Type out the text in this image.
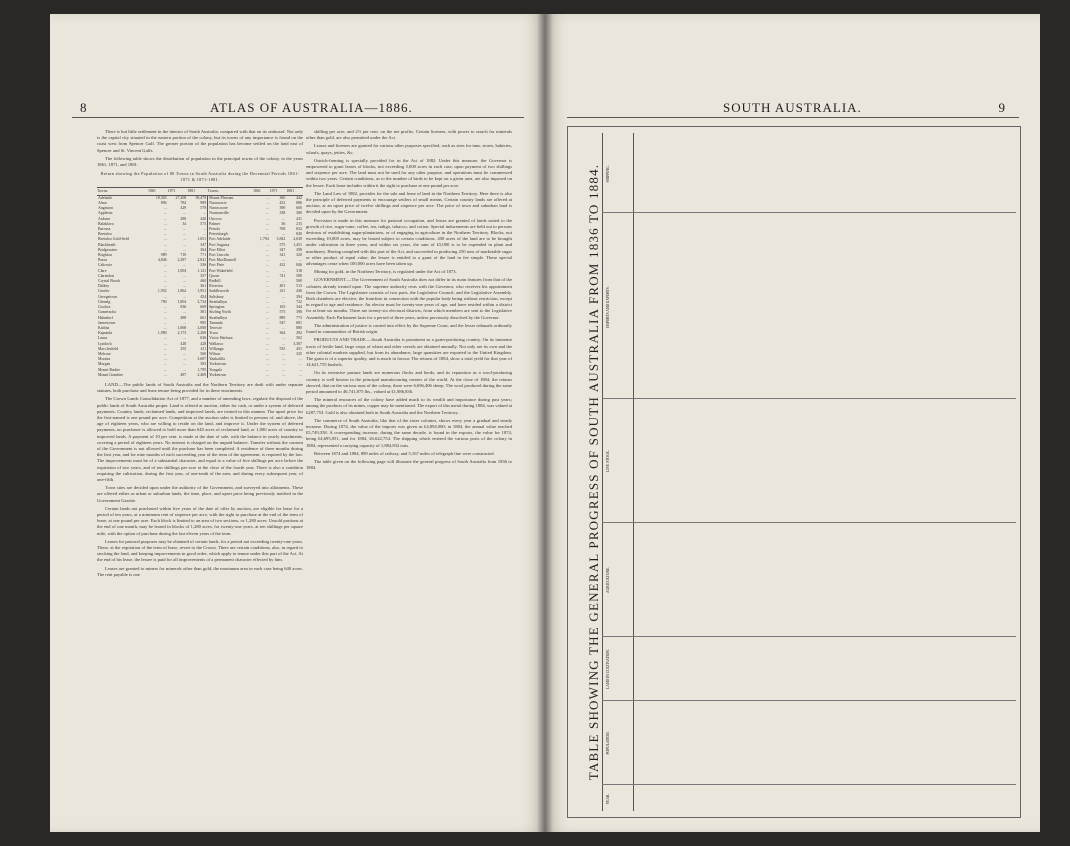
8	ATLAS OF AUSTRALIA—1886.

There is but little settlement in the interior of South Australia, compared with that on its seaboard. Not only is the capital city situated in the eastern portion of the colony, but its towns of any importance is found on the coast west from Spencer Gulf. The greater portion of the population has become settled on the land east of Spencer and St. Vincent Gulfs.

The following table shows the distribution of population in the principal towns of the colony, in the years 1861, 1871, and 1881.

Return showing the Population of 80 Towns in South Australia during the Decennial Periods 1861-1871 & 1871-1881.
Towns.	1861	1871	1881	Towns.	1861	1871	1881
Adelaide	18,303	27,208	38,479	Mount Pleasant	...	360	442
Alma	896	784	989	Naracoorte	...	452	886
Angaston	...	429	578	Narracoorte	...	390	600
Appleton	...	...	...	Normanville	...	338	380
Auburn	...	280	420	Orroroo	...	...	431
Balaklava	...	34	573	Palmer	...	36	215
Barossa	...	...	...	Penola	...	768	652
Beetaloo	...	...	...	Petersburgh	...	...	840
Beetaloo Gold-field	...	...	1,651	Port Adelaide	1,794	3,842	2,638
Blackheath	...	...	347	Port Augusta	...	575	1,451
Bridgewater	...	...	364	Port Elliot	...	347	398
Brighton	989	710	771	Port Lincoln	...	341	320
Burra	4,846	2,287	2,841	Port MacDonnell	...	...	...
Caltowie	...	...	336	Port Pirie	...	432	846
Clare	...	1,004	1,121	Port Wakefield	...	...	318
Clarendon	...	...	357	Quorn	...	741	580
Crystal Brook	...	...	460	Redhill	...	...	500
Dalkey	...	...	361	Riverton	...	401	513
Gawler	1,952	1,862	1,951	Saddleworth	...	411	436
Georgetown	...	...	454	Salisbury	...	...	394
Glenelg	790	1,804	2,734	Strathalbyn	...	...	722
Goolwa	...	836	669	Springton	...	165	344
Gumeracha	...	...	381	Stirling North	...	575	398
Hahndorf	...	488	661	Strathalbyn	...	889	773
Jamestown	...	...	985	Tanunda	...	547	681
Kadina	...	1,868	2,008	Terowie	...	...	880
Kapunda	1,980	2,173	2,260	Truro	...	364	292
Laura	...	...	636	Victor Harbour	...	...	502
Lyndoch	...	428	428	Wallaroo	...	...	3,307
Macclesfield	...	355	411	Willunga	...	535	451
Melrose	...	...	560	Wilson	...	...	325
Moonta	...	...	3,607	Yankalilla	...	...	...
Morgan	...	...	383	Yorketown	...	...	...
Mount Barker	...	...	1,795	Yongala	...	...	...
Mount Gambier	...	487	2,469	Yorketown	...	...	...

LAND.—The public lands of South Australia and the Northern Territory are dealt with under separate statutes, both purchase and lease tenure being provided for in these enactments.

The Crown Lands Consolidation Act of 1877, and a number of amending laws, regulate the disposal of the public lands of South Australia proper. Land is offered at auction, either for cash, or under a system of deferred payments. Country lands, reclaimed lands, and improved lands, are treated in this manner. The upset price for the first-named is one pound per acre. Competition at the auction sales is limited to persons of, and above, the age of eighteen years, who are willing to reside on the land, and improve it. Under the system of deferred payments, no purchaser is allowed to hold more than 640 acres of reclaimed land, or 1,000 acres of country or improved lands. A payment of 10 per cent. is made at the date of sale, with the balance in yearly instalments, covering a period of eighteen years. No interest is charged on the unpaid balance. Transfer without the consent of the Government is not allowed until the purchase has been completed. A residence of three months during the first year, and for nine months of each succeeding year of the term of the agreement, is required by the law. The improvements must be of a substantial character, and equal to a value of five shillings per acre before the expiration of two years, and of ten shillings per acre at the close of the fourth year. There is also a condition requiring the cultivation, during the first year, of one-tenth of the area, and during every subsequent year, of one-fifth.

Town sites are decided upon under the authority of the Government, and surveyed into allotments. These are offered either as urban or suburban lands, the time, place, and upset price being previously notified in the Government Gazette.

Certain lands not purchased within five years of the date of offer by auction, are eligible for lease for a period of ten years, at a minimum rent of sixpence per acre, with the right to purchase at the end of the term of lease, at one pound per acre. Each block is limited to an area of two sections, or 1,280 acres. Unsold portions at the end of one month, may be leased in blocks of 1,280 acres, for twenty-one years, at ten shillings per square mile, with the option of purchase during the last eleven years of the term.

Leases for pastoral purposes may be obtained of certain lands, for a period not exceeding twenty-one years. These, at the expiration of the term of lease, revert to the Crown. There are certain conditions, also, in regard to stocking the land, and keeping improvements in good order, which apply to tenure under this part of the Act. At the end of his lease, the lessee is paid for all improvements of a permanent character effected by him.

Leases are granted to miners for minerals other than gold, the maximum area in each case being 640 acres. The rent payable is one

shilling per acre, and 2½ per cent. on the net profits. Certain licenses, with power to search for minerals other than gold, are also permitted under the Act.

Leases and licenses are granted for various other purposes specified, such as sites for inns, stores, bakeries, wharfs, quays, jetties, &c.

Ostrich-farming is specially provided for in the Act of 1882. Under this measure, the Governor is empowered to grant leases of blocks, not exceeding 5,000 acres in each case, upon payment of two shillings and sixpence per acre. The land must not be used for any other purpose, and operations must be commenced within two years. Certain conditions, as to the number of birds to be kept on a given area, are also imposed on the lessee. Each lease includes within it the right to purchase at one pound per acre.

The Land Law of 1882, provides for the sale and lease of land in the Northern Territory. Here there is also the principle of deferred payments to encourage settlers of small means. Certain country lands are offered at auction, at an upset price of twelve shillings and sixpence per acre. The price of town and suburban land is decided upon by the Government.

Provision is made in this measure for pastoral occupation, and leases are granted of lands suited to the growth of rice, sugar-cane, coffee, tea, indigo, tobacco, and cotton. Special inducements are held out to persons desirous of establishing sugar-plantations, or of engaging in agriculture in the Northern Territory. Blocks, not exceeding 10,000 acres, may be leased subject to certain conditions. 200 acres of the land are to be brought under cultivation in three years, and within six years, the sum of £5,000 is to be expended in plant and machinery. Having complied with this part of the Act, and succeeded in producing 250 tons of marketable sugar or other product of equal value, the lessee is entitled to a grant of the land in fee simple. These special advantages cease when 100,000 acres have been taken up.

Mining for gold, in the Northern Territory, is regulated under the Act of 1873.

GOVERNMENT.—The Government of South Australia does not differ in its main features from that of the colonies already treated upon. The supreme authority rests with the Governor, who receives his appointment from the Crown. The Legislature consists of two parts, the Legislative Council, and the Legislative Assembly. Both chambers are elective, the franchise in connection with the popular body being without restriction, except in regard to age and residence. An elector must be twenty-one years of age, and have resided within a district for at least six months. There are twenty-six electoral districts, from which members are sent to the Legislative Assembly. Each Parliament lasts for a period of three years, unless previously dissolved by the Governor.

The administration of justice is carried into effect by the Supreme Court, and the lesser tribunals ordinarily found in communities of British origin.

PRODUCTS AND TRADE.—South Australia is prominent as a grain-producing country. On its immense tracts of fertile land, large crops of wheat and other cereals are obtained annually. Not only are its own and the other colonial markets supplied, but from its abundance, large quantities are exported to the United Kingdom. The grain is of a superior quality, and is much in favour. The returns of 1884, show a total yield for that year of 14,621,755 bushels.

On its extensive pasture lands are numerous flocks and herds, and its reputation as a wool-producing country is well known in the principal manufacturing centres of the world. At the close of 1884, the returns showed, that on the various runs of the colony, there were 6,696,406 sheep. The wool produced during the same period amounted to 46,741,875 lbs., valued at £1,886,836.

The mineral resources of the colony have added much to its wealth and importance during past years; among the products of its mines, copper may be mentioned. The export of this metal during 1884, was valued at £287,753. Gold is also obtained both in South Australia and the Northern Territory.

The commerce of South Australia, like that of the sister colonies, shows every year a gradual and steady increase. During 1874, the value of the imports was given as £4,894,000; in 1884, the annual value reached £5,749,358. A corresponding increase, during the same decade, is found in the exports, the value for 1874, being £4,695,051, and for 1884, £6,622,754. The shipping which entered the various ports of the colony in 1884, represented a carrying capacity of 1,884,832 tons.

Between 1874 and 1884, 889 miles of railway, and 5,167 miles of telegraph line were constructed.

The table given on the following page will illustrate the general progress of South Australia from 1836 to 1884.

SOUTH AUSTRALIA.	9
TABLE SHOWING THE GENERAL PROGRESS OF SOUTH AUSTRALIA FROM 1836 TO 1884.
YEAR.
POPULATION.
LAND IN CULTIVATION.
AGRICULTURE.
LIVE STOCK.
IMPORTS AND EXPORTS.
SHIPPING.
